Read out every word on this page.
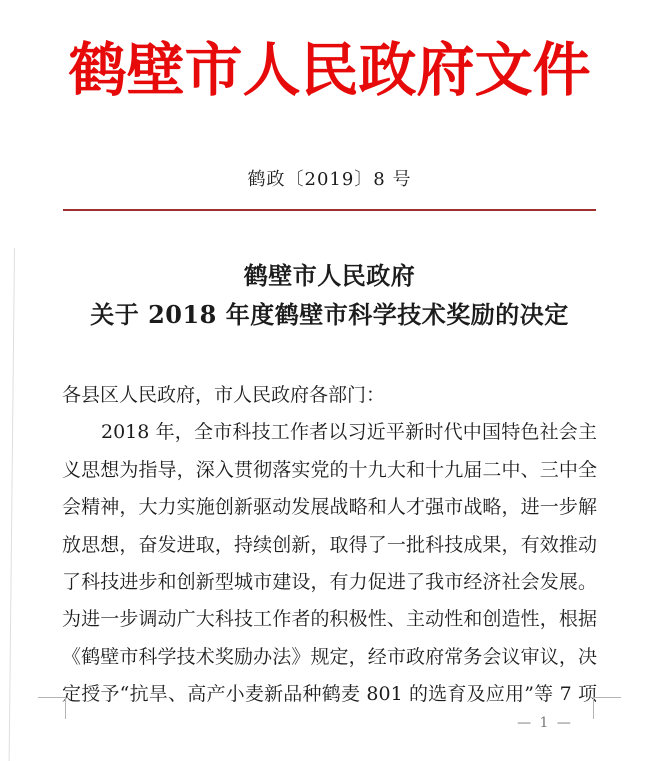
鹤壁市人民政府文件
鹤政〔2019〕8 号
鹤壁市人民政府
关于 2018 年度鹤壁市科学技术奖励的决定
各县区人民政府，市人民政府各部门：
2018 年，全市科技工作者以习近平新时代中国特色社会主
义思想为指导，深入贯彻落实党的十九大和十九届二中、三中全
会精神，大力实施创新驱动发展战略和人才强市战略，进一步解
放思想，奋发进取，持续创新，取得了一批科技成果，有效推动
了科技进步和创新型城市建设，有力促进了我市经济社会发展。
为进一步调动广大科技工作者的积极性、主动性和创造性，根据
《鹤壁市科学技术奖励办法》规定，经市政府常务会议审议，决
定授予“抗旱、高产小麦新品种鹤麦 801 的选育及应用”等 7 项
— 1 —
